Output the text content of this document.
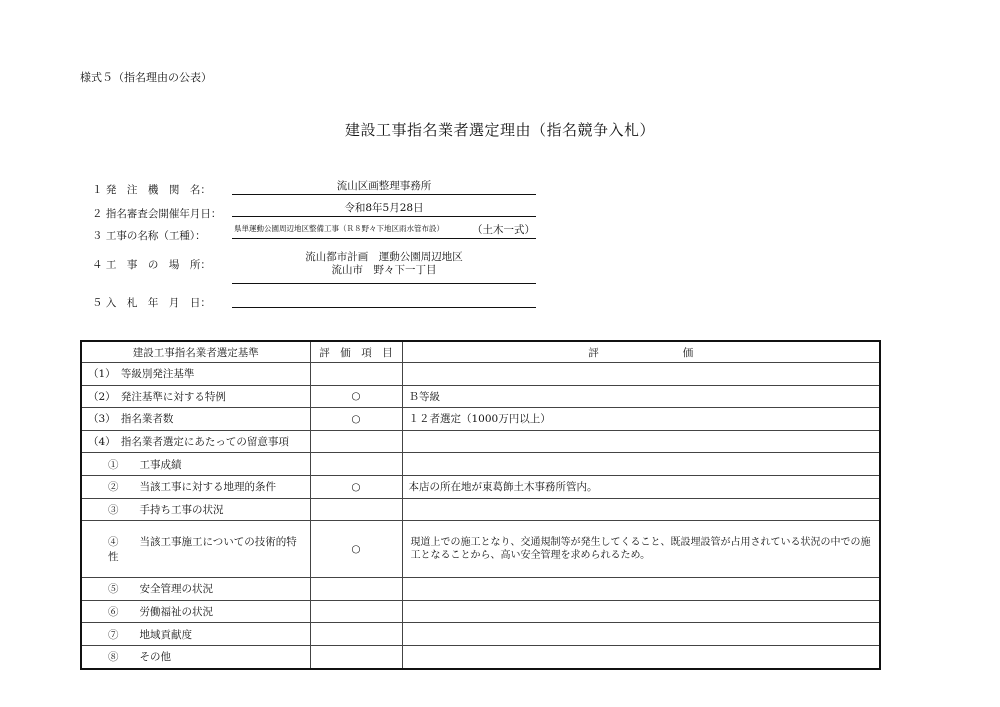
様式５（指名理由の公表）
建設工事指名業者選定理由（指名競争入札）
１ 発　注　機　関　名：	流山区画整理事務所
２ 指名審査会開催年月日：	令和8年5月28日
３ 工事の名称（工種）：
県単運動公園周辺地区整備工事（Ｒ８野々下地区雨水管布設）	（土木一式）
４ 工　事　の　場　所：
流山都市計画　運動公園周辺地区
流山市　野々下一丁目
５ 入　札　年　月　日：
建設工事指名業者選定基準	評　価　項　目	評　　　　　　　　価
（1）　等級別発注基準		
（2）　発注基準に対する特例	○	Ｂ等級
（3）　指名業者数	○	１２者選定（1000万円以上）
（4）　指名業者選定にあたっての留意事項		
①　　工事成績		
②　　当該工事に対する地理的条件	○	本店の所在地が東葛飾土木事務所管内。
③　　手持ち工事の状況		
④　　当該工事施工についての技術的特性	○	現道上での施工となり、交通規制等が発生してくること、既設埋設管が占用されている状況の中での施工となることから、高い安全管理を求められるため。
⑤　　安全管理の状況		
⑥　　労働福祉の状況		
⑦　　地域貢献度		
⑧　　その他		
